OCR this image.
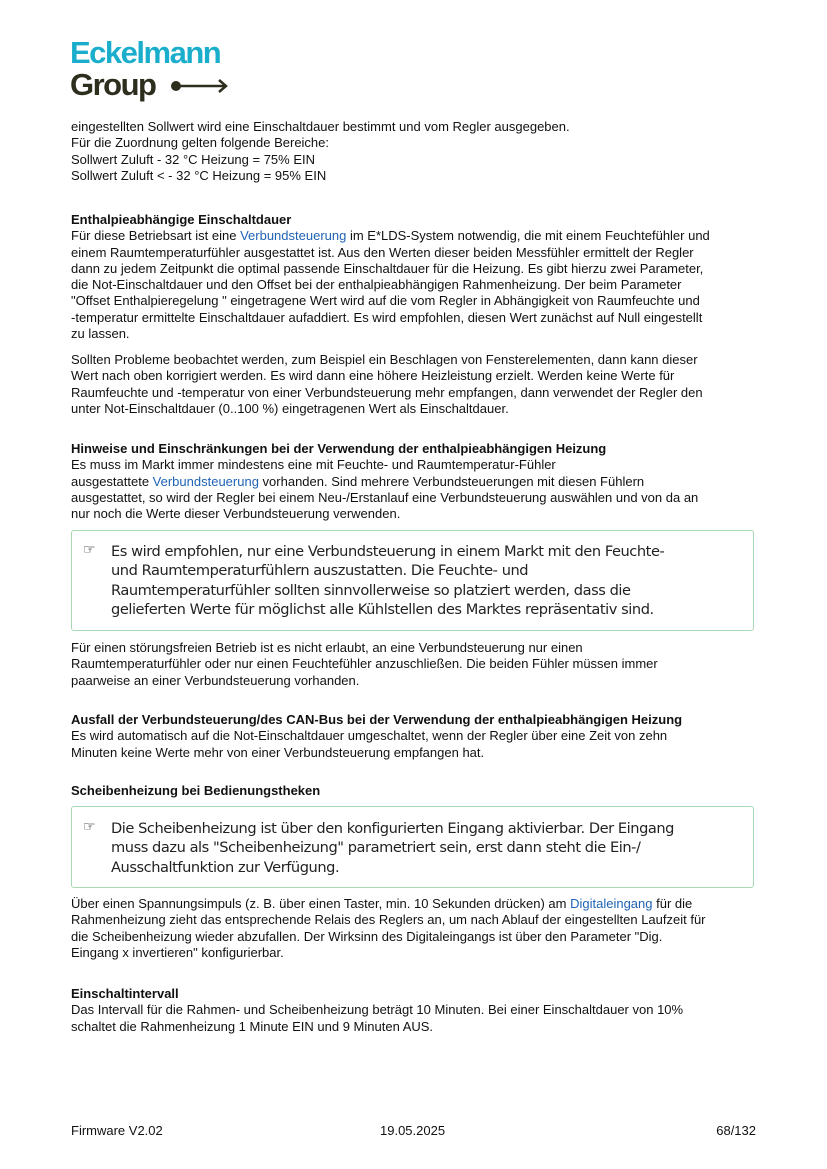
Eckelmann
Group
eingestellten Sollwert wird eine Einschaltdauer bestimmt und vom Regler ausgegeben.
Für die Zuordnung gelten folgende Bereiche:
Sollwert Zuluft - 32 °C Heizung = 75% EIN
Sollwert Zuluft < - 32 °C Heizung = 95% EIN
Enthalpieabhängige Einschaltdauer
Für diese Betriebsart ist eine Verbundsteuerung im E*LDS-System notwendig, die mit einem Feuchtefühler und
einem Raumtemperaturfühler ausgestattet ist. Aus den Werten dieser beiden Messfühler ermittelt der Regler
dann zu jedem Zeitpunkt die optimal passende Einschaltdauer für die Heizung. Es gibt hierzu zwei Parameter,
die Not-Einschaltdauer und den Offset bei der enthalpieabhängigen Rahmenheizung. Der beim Parameter
"Offset Enthalpieregelung " eingetragene Wert wird auf die vom Regler in Abhängigkeit von Raumfeuchte und
-temperatur ermittelte Einschaltdauer aufaddiert. Es wird empfohlen, diesen Wert zunächst auf Null eingestellt
zu lassen.
Sollten Probleme beobachtet werden, zum Beispiel ein Beschlagen von Fensterelementen, dann kann dieser
Wert nach oben korrigiert werden. Es wird dann eine höhere Heizleistung erzielt. Werden keine Werte für
Raumfeuchte und -temperatur von einer Verbundsteuerung mehr empfangen, dann verwendet der Regler den
unter Not-Einschaltdauer (0..100 %) eingetragenen Wert als Einschaltdauer.
Hinweise und Einschränkungen bei der Verwendung der enthalpieabhängigen Heizung
Es muss im Markt immer mindestens eine mit Feuchte- und Raumtemperatur-Fühler
ausgestattete Verbundsteuerung vorhanden. Sind mehrere Verbundsteuerungen mit diesen Fühlern
ausgestattet, so wird der Regler bei einem Neu-/Erstanlauf eine Verbundsteuerung auswählen und von da an
nur noch die Werte dieser Verbundsteuerung verwenden.
☞ Es wird empfohlen, nur eine Verbundsteuerung in einem Markt mit den Feuchte-
und Raumtemperaturfühlern auszustatten. Die Feuchte- und
Raumtemperaturfühler sollten sinnvollerweise so platziert werden, dass die
gelieferten Werte für möglichst alle Kühlstellen des Marktes repräsentativ sind.
Für einen störungsfreien Betrieb ist es nicht erlaubt, an eine Verbundsteuerung nur einen
Raumtemperaturfühler oder nur einen Feuchtefühler anzuschließen. Die beiden Fühler müssen immer
paarweise an einer Verbundsteuerung vorhanden.
Ausfall der Verbundsteuerung/des CAN-Bus bei der Verwendung der enthalpieabhängigen Heizung
Es wird automatisch auf die Not-Einschaltdauer umgeschaltet, wenn der Regler über eine Zeit von zehn
Minuten keine Werte mehr von einer Verbundsteuerung empfangen hat.
Scheibenheizung bei Bedienungstheken
☞ Die Scheibenheizung ist über den konfigurierten Eingang aktivierbar. Der Eingang
muss dazu als "Scheibenheizung" parametriert sein, erst dann steht die Ein-/
Ausschaltfunktion zur Verfügung.
Über einen Spannungsimpuls (z. B. über einen Taster, min. 10 Sekunden drücken) am Digitaleingang für die
Rahmenheizung zieht das entsprechende Relais des Reglers an, um nach Ablauf der eingestellten Laufzeit für
die Scheibenheizung wieder abzufallen. Der Wirksinn des Digitaleingangs ist über den Parameter "Dig.
Eingang x invertieren" konfigurierbar.
Einschaltintervall
Das Intervall für die Rahmen- und Scheibenheizung beträgt 10 Minuten. Bei einer Einschaltdauer von 10%
schaltet die Rahmenheizung 1 Minute EIN und 9 Minuten AUS.
Firmware V2.02	19.05.2025	68/132
